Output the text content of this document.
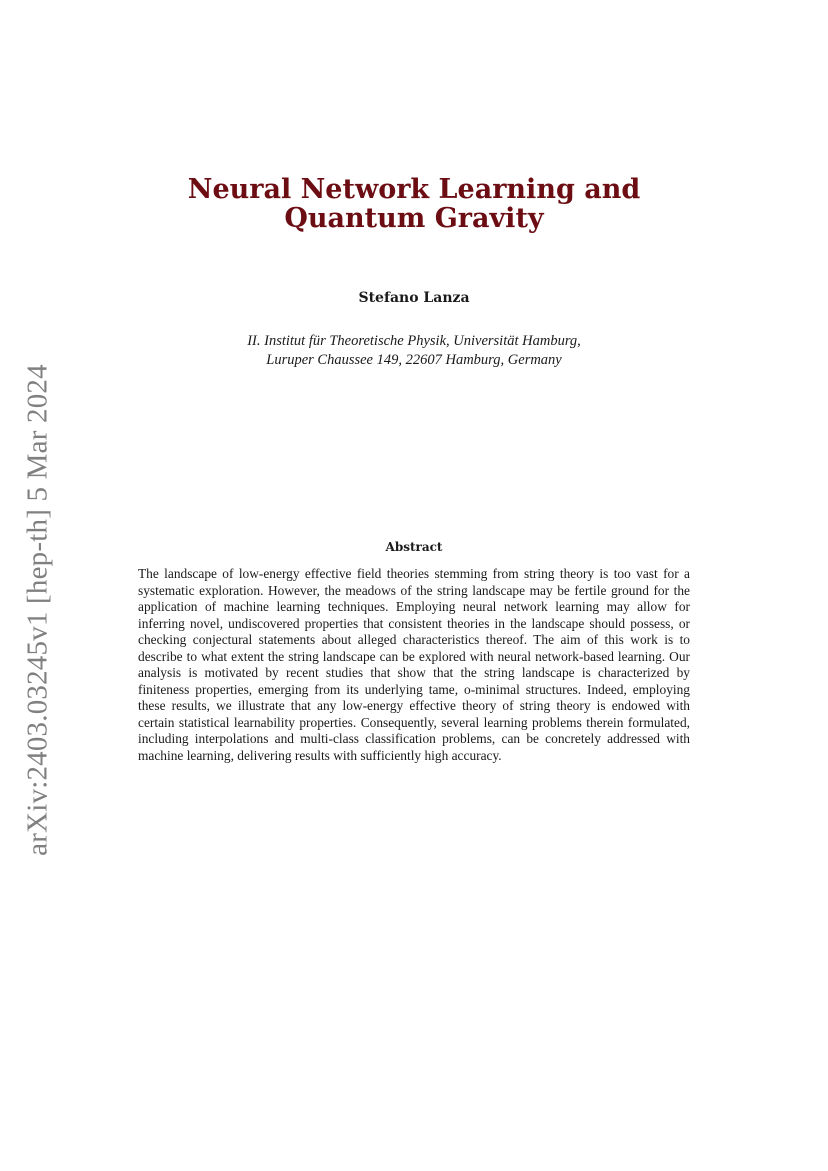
arXiv:2403.03245v1 [hep-th] 5 Mar 2024
Neural Network Learning and
Quantum Gravity
Stefano Lanza
II. Institut für Theoretische Physik, Universität Hamburg,
Luruper Chaussee 149, 22607 Hamburg, Germany
Abstract
The landscape of low-energy effective field theories stemming from string theory is too vast for a systematic exploration. However, the meadows of the string landscape may be fertile ground for the application of machine learning techniques. Employing neural network learning may allow for inferring novel, undiscovered properties that consistent theories in the landscape should possess, or checking conjectural statements about alleged characteristics thereof. The aim of this work is to describe to what extent the string landscape can be explored with neural network-based learning. Our analysis is motivated by recent studies that show that the string landscape is characterized by finiteness properties, emerging from its underlying tame, o-minimal structures. Indeed, employing these results, we illustrate that any low-energy effective theory of string theory is endowed with certain statistical learnability properties. Consequently, several learning problems therein formulated, including interpolations and multi-class classification problems, can be concretely addressed with machine learning, delivering results with sufficiently high accuracy.
